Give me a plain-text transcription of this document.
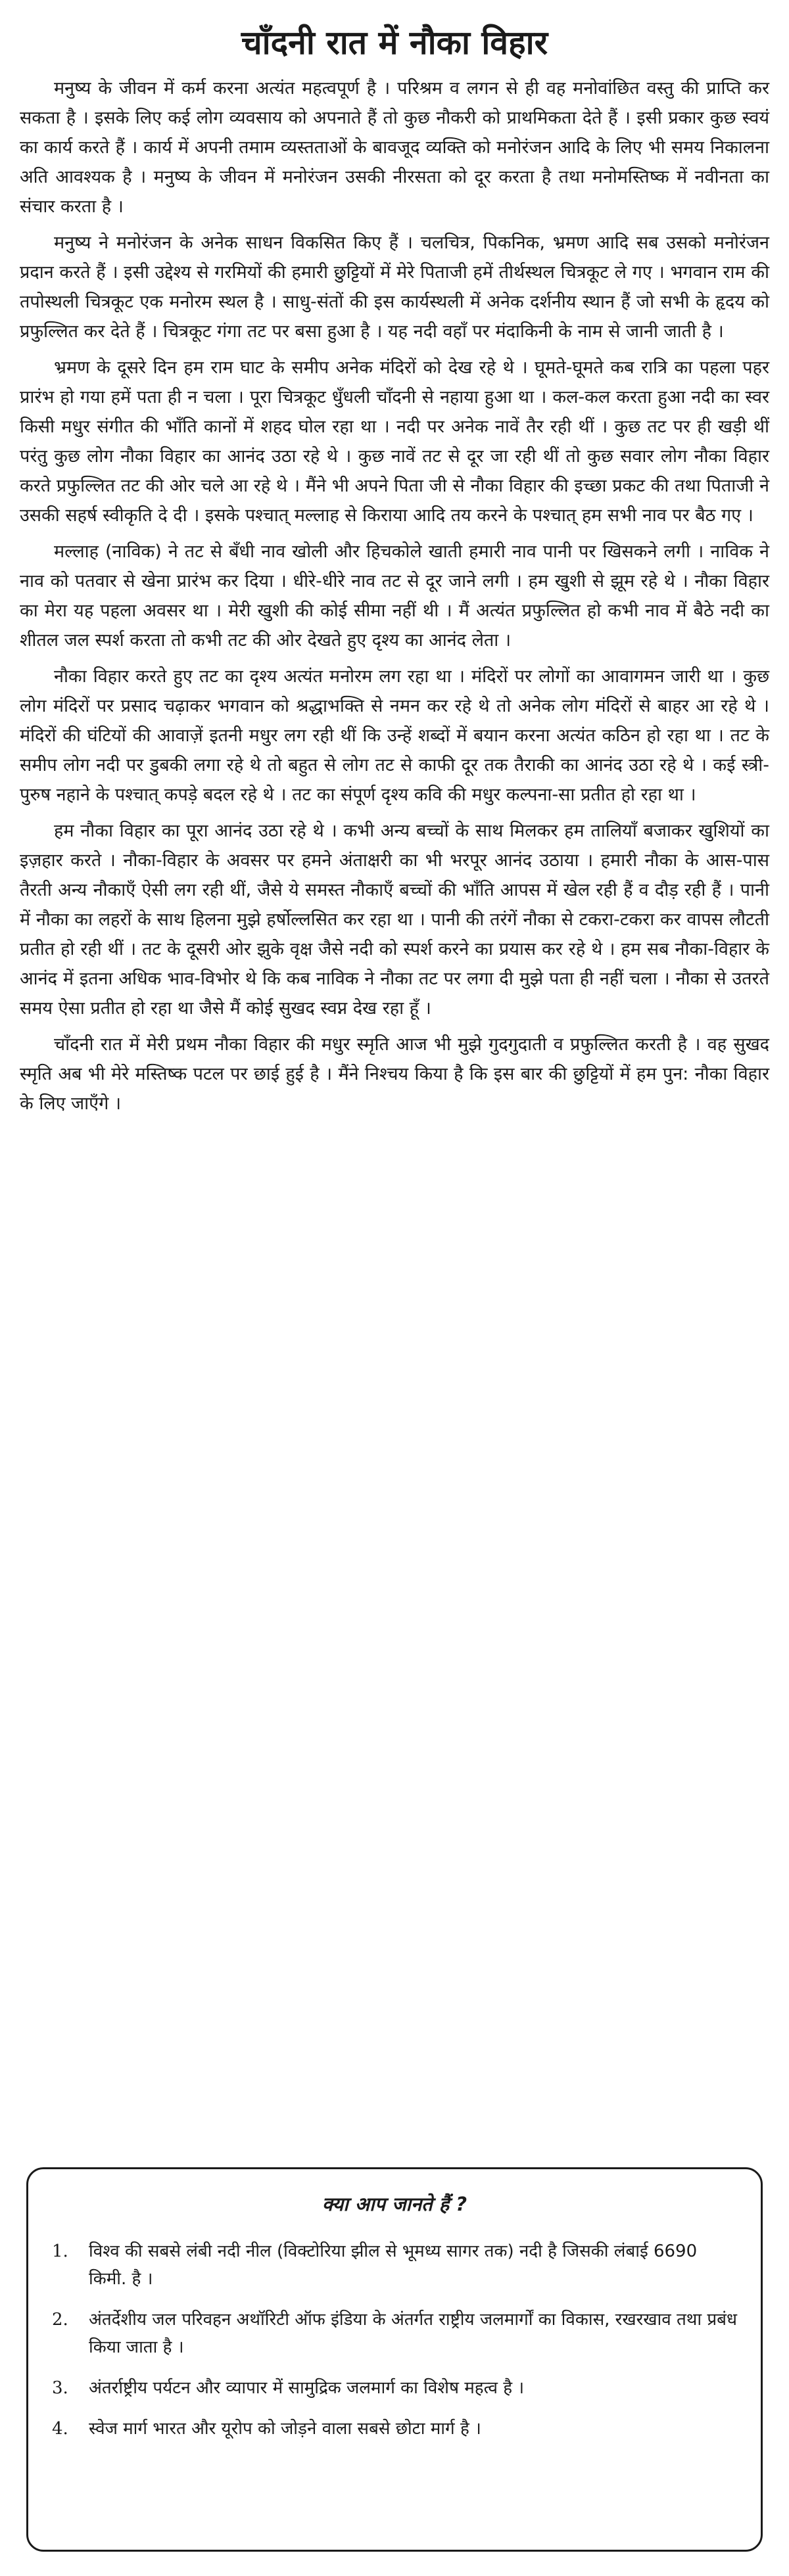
चाँदनी रात में नौका विहार

मनुष्य के जीवन में कर्म करना अत्यंत महत्वपूर्ण है । परिश्रम व लगन से ही वह मनोवांछित वस्तु की प्राप्ति कर सकता है । इसके लिए कई लोग व्यवसाय को अपनाते हैं तो कुछ नौकरी को प्राथमिकता देते हैं । इसी प्रकार कुछ स्वयं का कार्य करते हैं । कार्य में अपनी तमाम व्यस्तताओं के बावजूद व्यक्ति को मनोरंजन आदि के लिए भी समय निकालना अति आवश्यक है । मनुष्य के जीवन में मनोरंजन उसकी नीरसता को दूर करता है तथा मनोमस्तिष्क में नवीनता का संचार करता है ।

मनुष्य ने मनोरंजन के अनेक साधन विकसित किए हैं । चलचित्र, पिकनिक, भ्रमण आदि सब उसको मनोरंजन प्रदान करते हैं । इसी उद्देश्य से गरमियों की हमारी छुट्टियों में मेरे पिताजी हमें तीर्थस्थल चित्रकूट ले गए । भगवान राम की तपोस्थली चित्रकूट एक मनोरम स्थल है । साधु-संतों की इस कार्यस्थली में अनेक दर्शनीय स्थान हैं जो सभी के हृदय को प्रफुल्लित कर देते हैं । चित्रकूट गंगा तट पर बसा हुआ है । यह नदी वहाँ पर मंदाकिनी के नाम से जानी जाती है ।

भ्रमण के दूसरे दिन हम राम घाट के समीप अनेक मंदिरों को देख रहे थे । घूमते-घूमते कब रात्रि का पहला पहर प्रारंभ हो गया हमें पता ही न चला । पूरा चित्रकूट धुँधली चाँदनी से नहाया हुआ था । कल-कल करता हुआ नदी का स्वर किसी मधुर संगीत की भाँति कानों में शहद घोल रहा था । नदी पर अनेक नावें तैर रही थीं । कुछ तट पर ही खड़ी थीं परंतु कुछ लोग नौका विहार का आनंद उठा रहे थे । कुछ नावें तट से दूर जा रही थीं तो कुछ सवार लोग नौका विहार करते प्रफुल्लित तट की ओर चले आ रहे थे । मैंने भी अपने पिता जी से नौका विहार की इच्छा प्रकट की तथा पिताजी ने उसकी सहर्ष स्वीकृति दे दी । इसके पश्चात् मल्लाह से किराया आदि तय करने के पश्चात् हम सभी नाव पर बैठ गए ।

मल्लाह (नाविक) ने तट से बँधी नाव खोली और हिचकोले खाती हमारी नाव पानी पर खिसकने लगी । नाविक ने नाव को पतवार से खेना प्रारंभ कर दिया । धीरे-धीरे नाव तट से दूर जाने लगी । हम खुशी से झूम रहे थे । नौका विहार का मेरा यह पहला अवसर था । मेरी खुशी की कोई सीमा नहीं थी । मैं अत्यंत प्रफुल्लित हो कभी नाव में बैठे नदी का शीतल जल स्पर्श करता तो कभी तट की ओर देखते हुए दृश्य का आनंद लेता ।

नौका विहार करते हुए तट का दृश्य अत्यंत मनोरम लग रहा था । मंदिरों पर लोगों का आवागमन जारी था । कुछ लोग मंदिरों पर प्रसाद चढ़ाकर भगवान को श्रद्धाभक्ति से नमन कर रहे थे तो अनेक लोग मंदिरों से बाहर आ रहे थे । मंदिरों की घंटियों की आवाज़ें इतनी मधुर लग रही थीं कि उन्हें शब्दों में बयान करना अत्यंत कठिन हो रहा था । तट के समीप लोग नदी पर डुबकी लगा रहे थे तो बहुत से लोग तट से काफी दूर तक तैराकी का आनंद उठा रहे थे । कई स्त्री-पुरुष नहाने के पश्चात् कपड़े बदल रहे थे । तट का संपूर्ण दृश्य कवि की मधुर कल्पना-सा प्रतीत हो रहा था ।

हम नौका विहार का पूरा आनंद उठा रहे थे । कभी अन्य बच्चों के साथ मिलकर हम तालियाँ बजाकर खुशियों का इज़हार करते । नौका-विहार के अवसर पर हमने अंताक्षरी का भी भरपूर आनंद उठाया । हमारी नौका के आस-पास तैरती अन्य नौकाएँ ऐसी लग रही थीं, जैसे ये समस्त नौकाएँ बच्चों की भाँति आपस में खेल रही हैं व दौड़ रही हैं । पानी में नौका का लहरों के साथ हिलना मुझे हर्षोल्लसित कर रहा था । पानी की तरंगें नौका से टकरा-टकरा कर वापस लौटती प्रतीत हो रही थीं । तट के दूसरी ओर झुके वृक्ष जैसे नदी को स्पर्श करने का प्रयास कर रहे थे । हम सब नौका-विहार के आनंद में इतना अधिक भाव-विभोर थे कि कब नाविक ने नौका तट पर लगा दी मुझे पता ही नहीं चला । नौका से उतरते समय ऐसा प्रतीत हो रहा था जैसे मैं कोई सुखद स्वप्न देख रहा हूँ ।

चाँदनी रात में मेरी प्रथम नौका विहार की मधुर स्मृति आज भी मुझे गुदगुदाती व प्रफुल्लित करती है । वह सुखद स्मृति अब भी मेरे मस्तिष्क पटल पर छाई हुई है । मैंने निश्चय किया है कि इस बार की छुट्टियों में हम पुन: नौका विहार के लिए जाएँगे ।

क्या आप जानते हैं ?
1.	विश्व की सबसे लंबी नदी नील (विक्टोरिया झील से भूमध्य सागर तक) नदी है जिसकी लंबाई 6690 किमी. है ।
2.	अंतर्देशीय जल परिवहन अथॉरिटी ऑफ इंडिया के अंतर्गत राष्ट्रीय जलमार्गों का विकास, रखरखाव तथा प्रबंध किया जाता है ।
3.	अंतर्राष्ट्रीय पर्यटन और व्यापार में सामुद्रिक जलमार्ग का विशेष महत्व है ।
4.	स्वेज मार्ग भारत और यूरोप को जोड़ने वाला सबसे छोटा मार्ग है ।
